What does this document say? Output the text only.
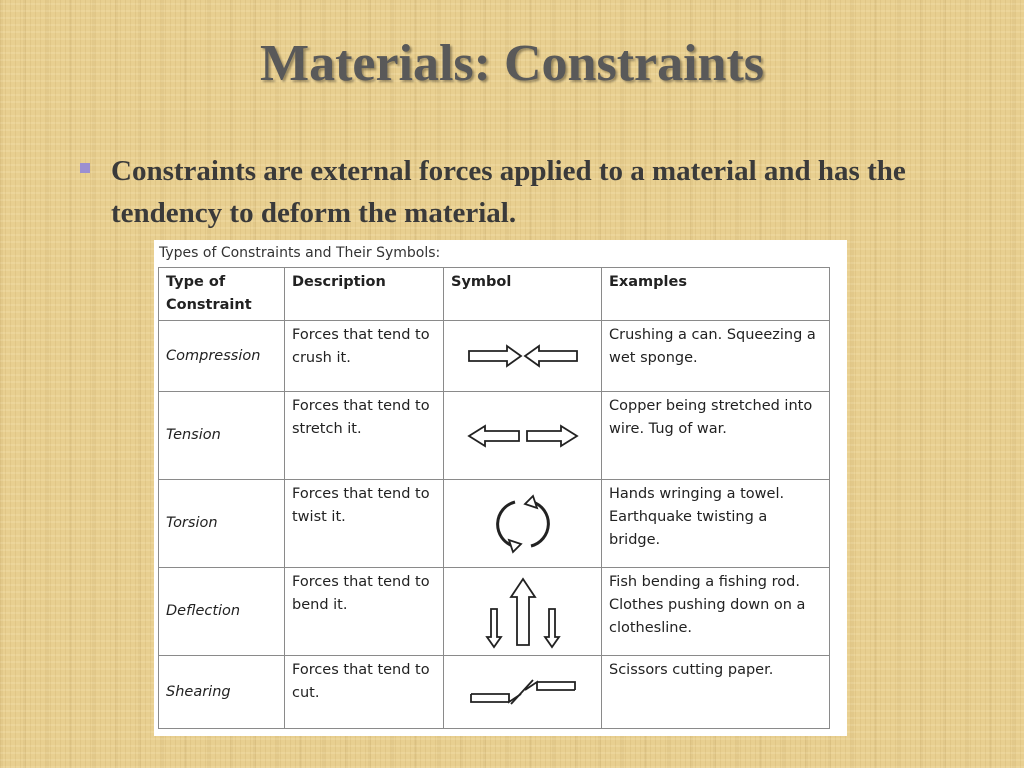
Materials: Constraints
Constraints are external forces applied to a material and has the tendency to deform the material.
Types of Constraints and Their Symbols:
Type of Constraint	Description	Symbol	Examples
Compression	Forces that tend to crush it.		Crushing a can. Squeezing a wet sponge.
Tension	Forces that tend to stretch it.		Copper being stretched into wire. Tug of war.
Torsion	Forces that tend to twist it.		Hands wringing a towel. Earthquake twisting a bridge.
Deflection	Forces that tend to bend it.		Fish bending a fishing rod. Clothes pushing down on a clothesline.
Shearing	Forces that tend to cut.		Scissors cutting paper.
